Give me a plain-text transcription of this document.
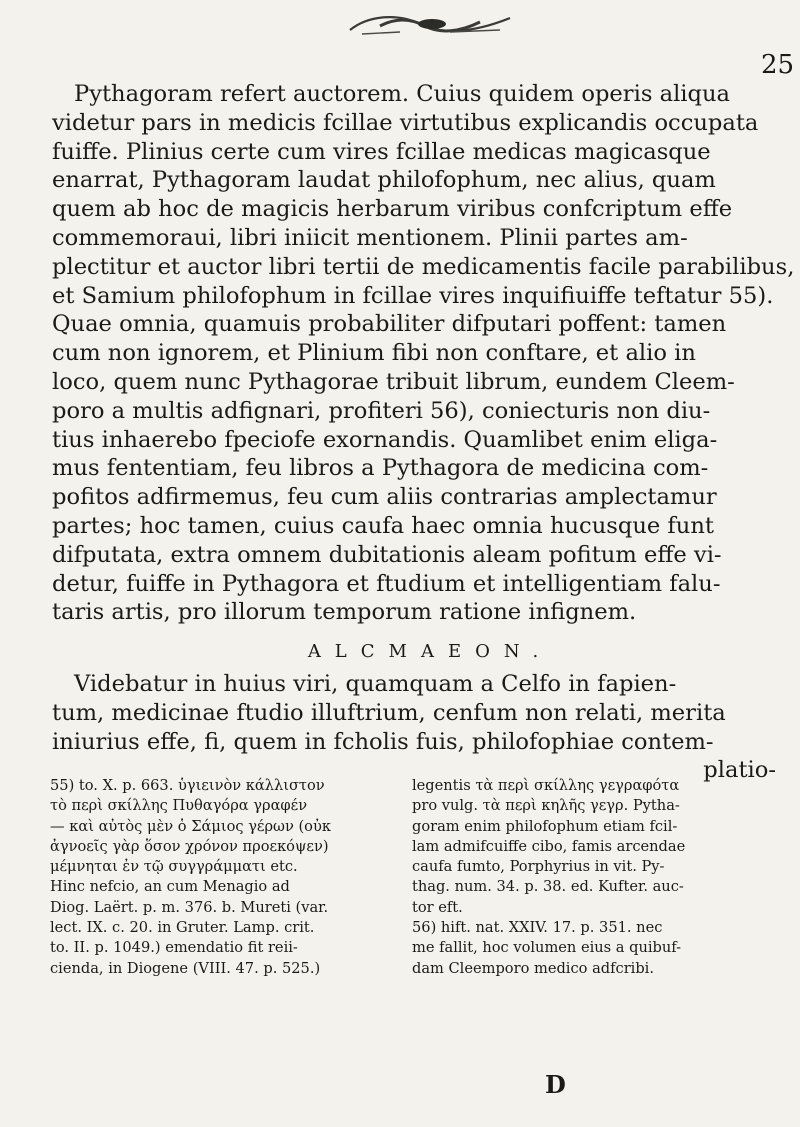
25

Pythagoram refert auctorem. Cuius quidem operis aliqua

videtur pars in medicis fcillae virtutibus explicandis occupata
fuiffe. Plinius certe cum vires fcillae medicas magicasque
enarrat, Pythagoram laudat philofophum, nec alius, quam
quem ab hoc de magicis herbarum viribus confcriptum effe
commemoraui, libri iniicit mentionem. Plinii partes am-
plectitur et auctor libri tertii de medicamentis facile parabilibus,
et Samium philofophum in fcillae vires inquifiuiffe teftatur 55).
Quae omnia, quamuis probabiliter difputari poffent: tamen
cum non ignorem, et Plinium fibi non conftare, et alio in
loco, quem nunc Pythagorae tribuit librum, eundem Cleem-
poro a multis adfignari, profiteri 56), coniecturis non diu-
tius inhaerebo fpeciofe exornandis. Quamlibet enim eliga-
mus fententiam, feu libros a Pythagora de medicina com-
pofitos adfirmemus, feu cum aliis contrarias amplectamur
partes; hoc tamen, cuius caufa haec omnia hucusque funt
difputata, extra omnem dubitationis aleam pofitum effe vi-
detur, fuiffe in Pythagora et ftudium et intelligentiam falu-
taris artis, pro illorum temporum ratione infignem.
ALCMAEON.
Videbatur in huius viri, quamquam a Celfo in fapien-
tum, medicinae ftudio illuftrium, cenfum non relati, merita
iniurius effe, fi, quem in fcholis fuis, philofophiae contem-
platio-
55) to. X. p. 663. ὑγιεινὸν κάλλιστον
τὸ περὶ σκίλλης Πυθαγόρα γραφέν
— καὶ αὐτὸς μὲν ὁ Σάμιος γέρων (οὐκ
ἀγνοεῖς γὰρ ὅσον χρόνον προεκόψεν)
μέμνηται ἐν τῷ συγγράμματι etc.
Hinc nefcio, an cum Menagio ad
Diog. Laërt. p. m. 376. b. Mureti (var.
lect. IX. c. 20. in Gruter. Lamp. crit.
to. II. p. 1049.) emendatio fit reii-
cienda, in Diogene (VIII. 47. p. 525.)
legentis τὰ περὶ σκίλλης γεγραφότα
pro vulg. τὰ περὶ κηλῆς γεγρ. Pytha-
goram enim philofophum etiam fcil-
lam admifcuiffe cibo, famis arcendae
caufa fumto, Porphyrius in vit. Py-
thag. num. 34. p. 38. ed. Kufter. auc-
tor eft.
56) hift. nat. XXIV. 17. p. 351. nec
me fallit, hoc volumen eius a quibuf-
dam Cleemporo medico adfcribi.
D
